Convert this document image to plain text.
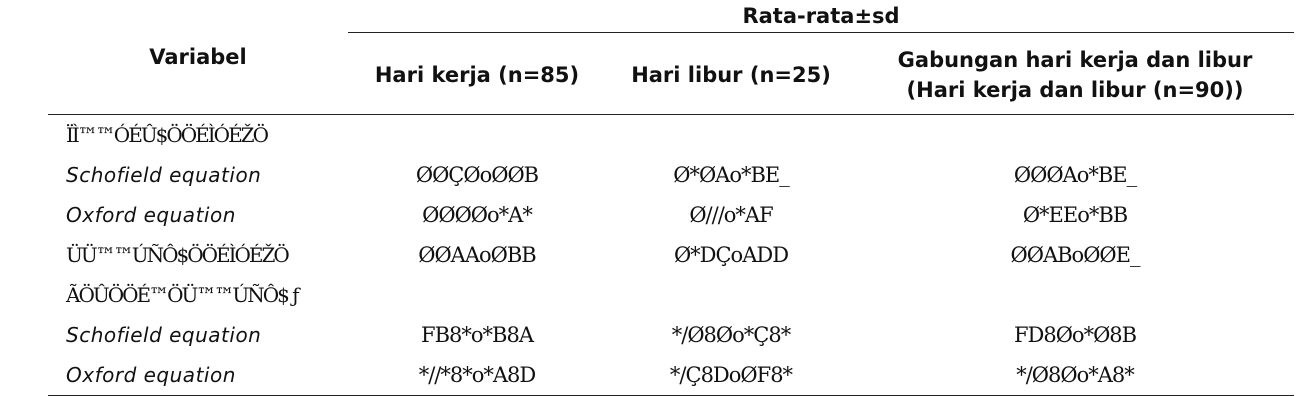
Variabel	Rata-rata±sd		
	Hari kerja (n=85)	Hari libur (n=25)	Gabungan hari kerja dan libur
(Hari kerja dan libur (n=90))

ÏÌ™™ÓÉÛ$ÖÖÉÌÓÉŽÖ			
Schofield equation	ØØÇØoØØB	Ø*ØAo*BE_	ØØØAo*BE_
Oxford equation	ØØØØo*A*	Ø///o*AF	Ø*EEo*BB
ÜÜ™™ÚÑÔ$ÖÖÉÌÓÉŽÖ	ØØAAoØBB	Ø*DÇoADD	ØØABoØØE_
ÃÖÛÖÖÉ™ÖÜ™™ÚÑÔ$ ƒ			
Schofield equation	FB8*o*B8A	*/Ø8Øo*Ç8*	FD8Øo*Ø8B
Oxford equation	*//*8*o*A8D	*/Ç8DoØF8*	*/Ø8Øo*A8*
